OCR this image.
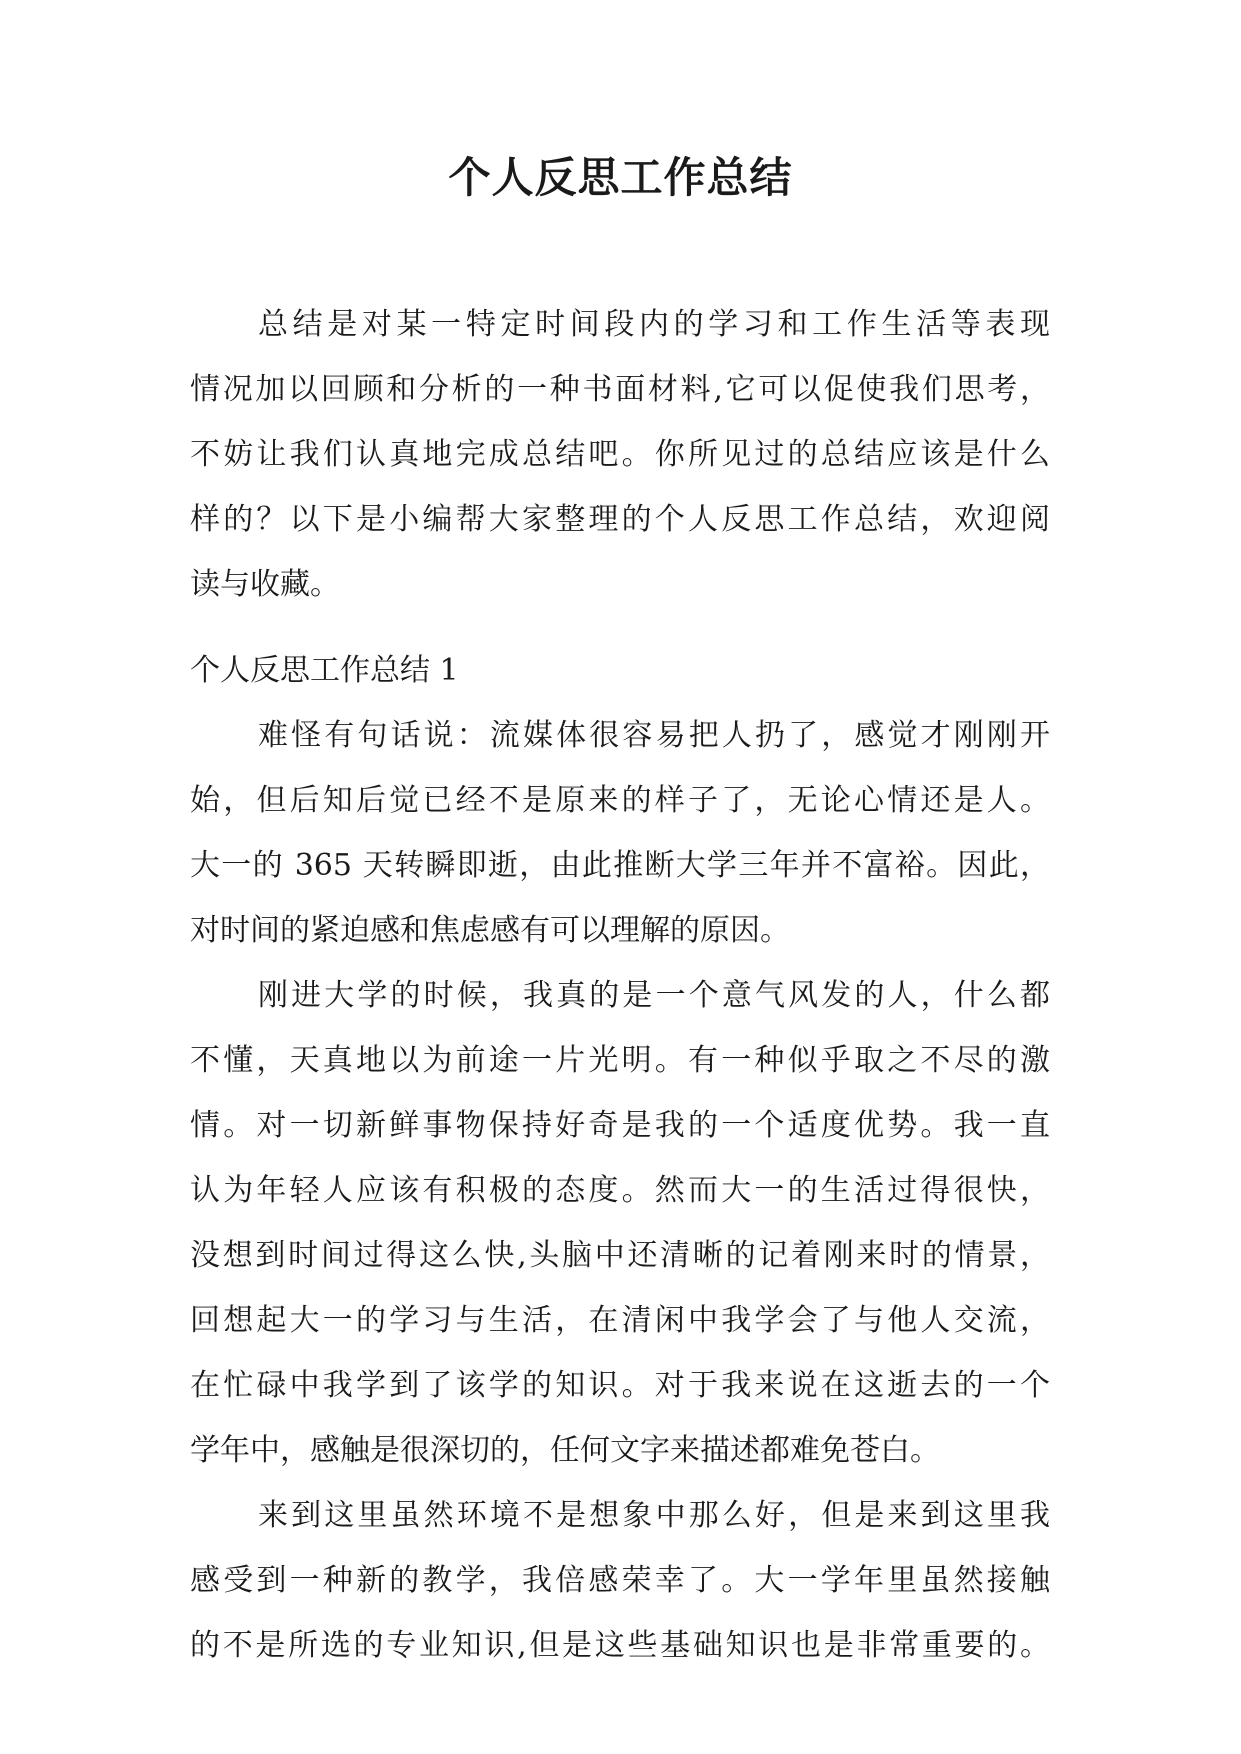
个人反思工作总结
总结是对某一特定时间段内的学习和工作生活等表现
情况加以回顾和分析的一种书面材料,它可以促使我们思考，
不妨让我们认真地完成总结吧。你所见过的总结应该是什么
样的？以下是小编帮大家整理的个人反思工作总结，欢迎阅
读与收藏。
个人反思工作总结 1
难怪有句话说：流媒体很容易把人扔了，感觉才刚刚开
始，但后知后觉已经不是原来的样子了，无论心情还是人。
大一的 365 天转瞬即逝，由此推断大学三年并不富裕。因此，
对时间的紧迫感和焦虑感有可以理解的原因。
刚进大学的时候，我真的是一个意气风发的人，什么都
不懂，天真地以为前途一片光明。有一种似乎取之不尽的激
情。对一切新鲜事物保持好奇是我的一个适度优势。我一直
认为年轻人应该有积极的态度。然而大一的生活过得很快，
没想到时间过得这么快,头脑中还清晰的记着刚来时的情景，
回想起大一的学习与生活，在清闲中我学会了与他人交流，
在忙碌中我学到了该学的知识。对于我来说在这逝去的一个
学年中，感触是很深切的，任何文字来描述都难免苍白。
来到这里虽然环境不是想象中那么好，但是来到这里我
感受到一种新的教学，我倍感荣幸了。大一学年里虽然接触
的不是所选的专业知识,但是这些基础知识也是非常重要的。
